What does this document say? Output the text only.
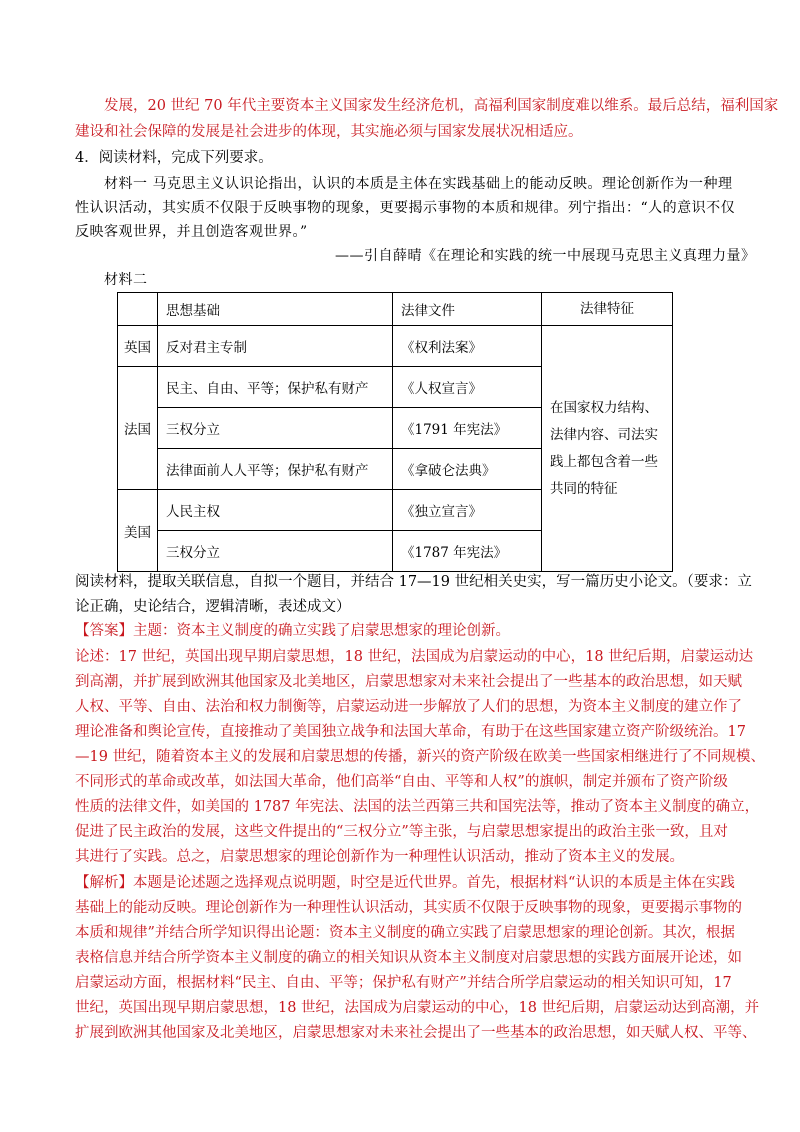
发展，20 世纪 70 年代主要资本主义国家发生经济危机，高福利国家制度难以维系。最后总结，福利国家
建设和社会保障的发展是社会进步的体现，其实施必须与国家发展状况相适应。
4．阅读材料，完成下列要求。
材料一 马克思主义认识论指出，认识的本质是主体在实践基础上的能动反映。理论创新作为一种理
性认识活动，其实质不仅限于反映事物的现象，更要揭示事物的本质和规律。列宁指出：“人的意识不仅
反映客观世界，并且创造客观世界。”
——引自薛晴《在理论和实践的统一中展现马克思主义真理力量》
材料二
	思想基础	法律文件	法律特征
英国	反对君主专制	《权利法案》	在国家权力结构、
法律内容、司法实
践上都包含着一些
共同的特征

法国	民主、自由、平等；保护私有财产	《人权宣言》	
	三权分立	《1791 年宪法》	
	法律面前人人平等；保护私有财产	《拿破仑法典》	
美国	人民主权	《独立宣言》	
	三权分立	《1787 年宪法》	
阅读材料，提取关联信息，自拟一个题目，并结合 17—19 世纪相关史实，写一篇历史小论文。（要求：立
论正确，史论结合，逻辑清晰，表述成文）
【答案】主题：资本主义制度的确立实践了启蒙思想家的理论创新。
论述：17 世纪，英国出现早期启蒙思想，18 世纪，法国成为启蒙运动的中心，18 世纪后期，启蒙运动达
到高潮，并扩展到欧洲其他国家及北美地区，启蒙思想家对未来社会提出了一些基本的政治思想，如天赋
人权、平等、自由、法治和权力制衡等，启蒙运动进一步解放了人们的思想，为资本主义制度的建立作了
理论准备和舆论宣传，直接推动了美国独立战争和法国大革命，有助于在这些国家建立资产阶级统治。17
—19 世纪，随着资本主义的发展和启蒙思想的传播，新兴的资产阶级在欧美一些国家相继进行了不同规模、
不同形式的革命或改革，如法国大革命，他们高举“自由、平等和人权”的旗帜，制定并颁布了资产阶级
性质的法律文件，如美国的 1787 年宪法、法国的法兰西第三共和国宪法等，推动了资本主义制度的确立，
促进了民主政治的发展，这些文件提出的“三权分立”等主张，与启蒙思想家提出的政治主张一致，且对
其进行了实践。总之，启蒙思想家的理论创新作为一种理性认识活动，推动了资本主义的发展。
【解析】本题是论述题之选择观点说明题，时空是近代世界。首先，根据材料“认识的本质是主体在实践
基础上的能动反映。理论创新作为一种理性认识活动，其实质不仅限于反映事物的现象，更要揭示事物的
本质和规律”并结合所学知识得出论题：资本主义制度的确立实践了启蒙思想家的理论创新。其次，根据
表格信息并结合所学资本主义制度的确立的相关知识从资本主义制度对启蒙思想的实践方面展开论述，如
启蒙运动方面，根据材料“民主、自由、平等；保护私有财产”并结合所学启蒙运动的相关知识可知，17
世纪，英国出现早期启蒙思想，18 世纪，法国成为启蒙运动的中心，18 世纪后期，启蒙运动达到高潮，并
扩展到欧洲其他国家及北美地区，启蒙思想家对未来社会提出了一些基本的政治思想，如天赋人权、平等、
